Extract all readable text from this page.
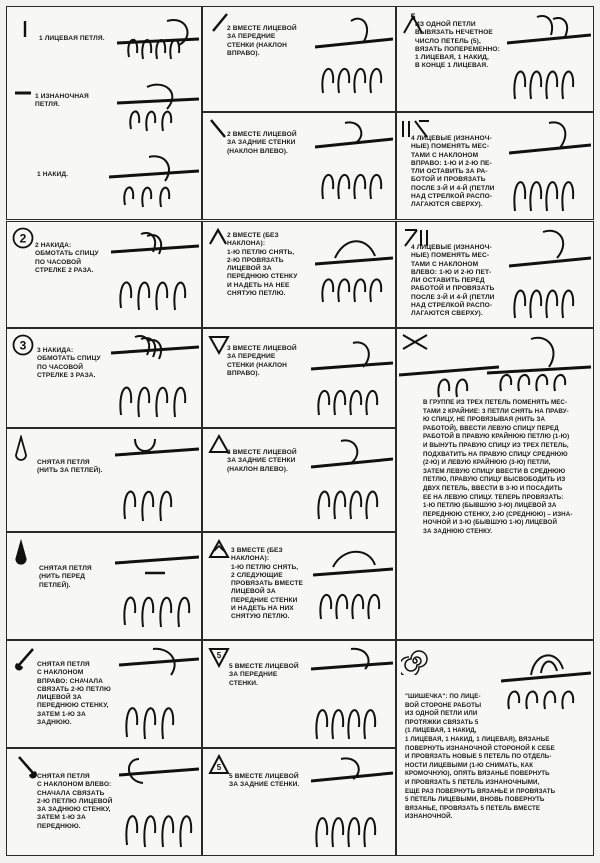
1 ЛИЦЕВАЯ ПЕТЛЯ.
1 ИЗНАНОЧНАЯ
ПЕТЛЯ.
1 НАКИД.
2 2 НАКИДА:
ОБМОТАТЬ СПИЦУ
ПО ЧАСОВОЙ
СТРЕЛКЕ 2 РАЗА.
3 3 НАКИДА:
ОБМОТАТЬ СПИЦУ
ПО ЧАСОВОЙ
СТРЕЛКЕ 3 РАЗА.
СНЯТАЯ ПЕТЛЯ
(НИТЬ ЗА ПЕТЛЕЙ).
СНЯТАЯ ПЕТЛЯ
(НИТЬ ПЕРЕД
ПЕТЛЕЙ).
СНЯТАЯ ПЕТЛЯ
С НАКЛОНОМ
ВПРАВО: СНАЧАЛА
СВЯЗАТЬ 2-Ю ПЕТЛЮ
ЛИЦЕВОЙ ЗА
ПЕРЕДНЮЮ СТЕНКУ,
ЗАТЕМ 1-Ю ЗА
ЗАДНЮЮ.
СНЯТАЯ ПЕТЛЯ
С НАКЛОНОМ ВЛЕВО:
СНАЧАЛА СВЯЗАТЬ
2-Ю ПЕТЛЮ ЛИЦЕВОЙ
ЗА ЗАДНЮЮ СТЕНКУ,
ЗАТЕМ 1-Ю ЗА
ПЕРЕДНЮЮ.
2 ВМЕСТЕ ЛИЦЕВОЙ
ЗА ПЕРЕДНИЕ
СТЕНКИ (НАКЛОН
ВПРАВО).
2 ВМЕСТЕ ЛИЦЕВОЙ
ЗА ЗАДНИЕ СТЕНКИ
(НАКЛОН ВЛЕВО).
2 ВМЕСТЕ (БЕЗ
НАКЛОНА):
1-Ю ПЕТЛЮ СНЯТЬ,
2-Ю ПРОВЯЗАТЬ
ЛИЦЕВОЙ ЗА
ПЕРЕДНЮЮ СТЕНКУ
И НАДЕТЬ НА НЕЕ
СНЯТУЮ ПЕТЛЮ.
3 ВМЕСТЕ ЛИЦЕВОЙ
ЗА ПЕРЕДНИЕ
СТЕНКИ (НАКЛОН
ВПРАВО).
3 ВМЕСТЕ ЛИЦЕВОЙ
ЗА ЗАДНИЕ СТЕНКИ
(НАКЛОН ВЛЕВО).
3 ВМЕСТЕ (БЕЗ
НАКЛОНА):
1-Ю ПЕТЛЮ СНЯТЬ,
2 СЛЕДУЮЩИЕ
ПРОВЯЗАТЬ ВМЕСТЕ
ЛИЦЕВОЙ ЗА
ПЕРЕДНИЕ СТЕНКИ
И НАДЕТЬ НА НИХ
СНЯТУЮ ПЕТЛЮ.
5
5 ВМЕСТЕ ЛИЦЕВОЙ
ЗА ПЕРЕДНИЕ
СТЕНКИ.
5
5 ВМЕСТЕ ЛИЦЕВОЙ
ЗА ЗАДНИЕ СТЕНКИ.
5
ИЗ ОДНОЙ ПЕТЛИ
ВЫВЯЗАТЬ НЕЧЕТНОЕ
ЧИСЛО ПЕТЕЛЬ (5),
ВЯЗАТЬ ПОПЕРЕМЕННО:
1 ЛИЦЕВАЯ, 1 НАКИД,
В КОНЦЕ 1 ЛИЦЕВАЯ.
4 ЛИЦЕВЫЕ (ИЗНАНОЧ-
НЫЕ) ПОМЕНЯТЬ МЕС-
ТАМИ С НАКЛОНОМ
ВПРАВО: 1-Ю И 2-Ю ПЕ-
ТЛИ ОСТАВИТЬ ЗА РА-
БОТОЙ И ПРОВЯЗАТЬ
ПОСЛЕ 3-Й И 4-Й (ПЕТЛИ
НАД СТРЕЛКОЙ РАСПО-
ЛАГАЮТСЯ СВЕРХУ).
4 ЛИЦЕВЫЕ (ИЗНАНОЧ-
НЫЕ) ПОМЕНЯТЬ МЕС-
ТАМИ С НАКЛОНОМ
ВЛЕВО: 1-Ю И 2-Ю ПЕТ-
ЛИ ОСТАВИТЬ ПЕРЕД
РАБОТОЙ И ПРОВЯЗАТЬ
ПОСЛЕ 3-Й И 4-Й (ПЕТЛИ
НАД СТРЕЛКОЙ РАСПО-
ЛАГАЮТСЯ СВЕРХУ).
В ГРУППЕ ИЗ ТРЕХ ПЕТЕЛЬ ПОМЕНЯТЬ МЕС-
ТАМИ 2 КРАЙНИЕ: 3 ПЕТЛИ СНЯТЬ НА ПРАВУ-
Ю СПИЦУ, НЕ ПРОВЯЗЫВАЯ (НИТЬ ЗА
РАБОТОЙ), ВВЕСТИ ЛЕВУЮ СПИЦУ ПЕРЕД
РАБОТОЙ В ПРАВУЮ КРАЙНЮЮ ПЕТЛЮ (1-Ю)
И ВЫНУТЬ ПРАВУЮ СПИЦУ ИЗ ТРЕХ ПЕТЕЛЬ,
ПОДХВАТИТЬ НА ПРАВУЮ СПИЦУ СРЕДНЮЮ
(2-Ю) И ЛЕВУЮ КРАЙНЮЮ (3-Ю) ПЕТЛИ,
ЗАТЕМ ЛЕВУЮ СПИЦУ ВВЕСТИ В СРЕДНЮЮ
ПЕТЛЮ, ПРАВУЮ СПИЦУ ВЫСВОБОДИТЬ ИЗ
ДВУХ ПЕТЕЛЬ, ВВЕСТИ В 3-Ю И ПОСАДИТЬ
ЕЕ НА ЛЕВУЮ СПИЦУ. ТЕПЕРЬ ПРОВЯЗАТЬ:
1-Ю ПЕТЛЮ (БЫВШУЮ 3-Ю) ЛИЦЕВОЙ ЗА
ПЕРЕДНЮЮ СТЕНКУ, 2-Ю (СРЕДНЮЮ) – ИЗНА-
НОЧНОЙ И 3-Ю (БЫВШУЮ 1-Ю) ЛИЦЕВОЙ
ЗА ЗАДНЮЮ СТЕНКУ.
"ШИШЕЧКА": ПО ЛИЦЕ-
ВОЙ СТОРОНЕ РАБОТЫ
ИЗ ОДНОЙ ПЕТЛИ ИЛИ
ПРОТЯЖКИ СВЯЗАТЬ 5
(1 ЛИЦЕВАЯ, 1 НАКИД,
1 ЛИЦЕВАЯ, 1 НАКИД, 1 ЛИЦЕВАЯ), ВЯЗАНЬЕ
ПОВЕРНУТЬ ИЗНАНОЧНОЙ СТОРОНОЙ К СЕБЕ
И ПРОВЯЗАТЬ НОВЫЕ 5 ПЕТЕЛЬ ПО ОТДЕЛЬ-
НОСТИ ЛИЦЕВЫМИ (1-Ю СНИМАТЬ, КАК
КРОМОЧНУЮ), ОПЯТЬ ВЯЗАНЬЕ ПОВЕРНУТЬ
И ПРОВЯЗАТЬ 5 ПЕТЕЛЬ ИЗНАНОЧНЫМИ,
ЕЩЕ РАЗ ПОВЕРНУТЬ ВЯЗАНЬЕ И ПРОВЯЗАТЬ
5 ПЕТЕЛЬ ЛИЦЕВЫМИ, ВНОВЬ ПОВЕРНУТЬ
ВЯЗАНЬЕ, ПРОВЯЗАТЬ 5 ПЕТЕЛЬ ВМЕСТЕ
ИЗНАНОЧНОЙ.
